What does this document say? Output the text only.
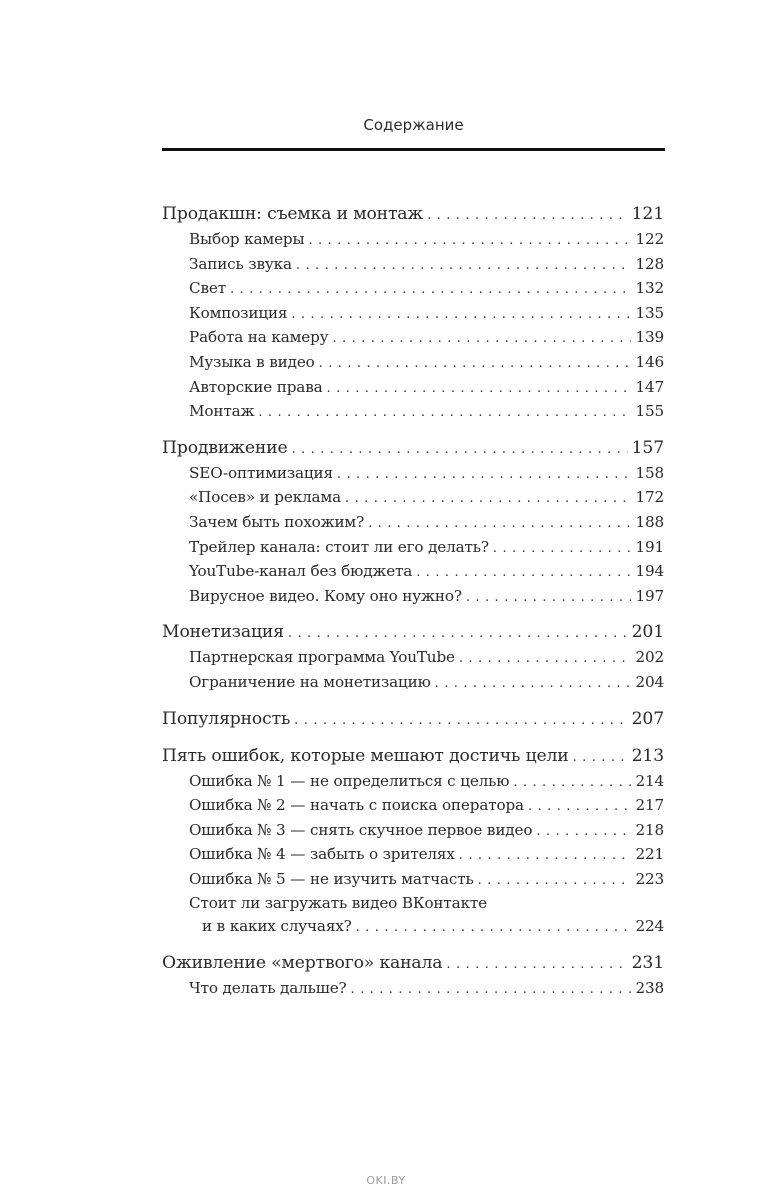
Содержание
Продакшн: съемка и монтаж . . .	121
Выбор камеры . . .	122
Запись звука . . .	128
Свет . . .	132
Композиция . . .	135
Работа на камеру . . .	139
Музыка в видео . . .	146
Авторские права . . .	147
Монтаж . . .	155
Продвижение . . .	157
SEO-оптимизация . . .	158
«Посев» и реклама . . .	172
Зачем быть похожим? . . .	188
Трейлер канала: стоит ли его делать? . . .	191
YouTube-канал без бюджета . . .	194
Вирусное видео. Кому оно нужно? . . .	197
Монетизация . . .	201
Партнерская программа YouTube . . .	202
Ограничение на монетизацию . . .	204
Популярность . . .	207
Пять ошибок, которые мешают достичь цели . . .	213
Ошибка № 1 — не определиться с целью . . .	214
Ошибка № 2 — начать с поиска оператора . . .	217
Ошибка № 3 — снять скучное первое видео . . .	218
Ошибка № 4 — забыть о зрителях . . .	221
Ошибка № 5 — не изучить матчасть . . .	223
Стоит ли загружать видео ВКонтакте
и в каких случаях? . . .	224
Оживление «мертвого» канала . . .	231
Что делать дальше? . . .	238
OKI.BY
